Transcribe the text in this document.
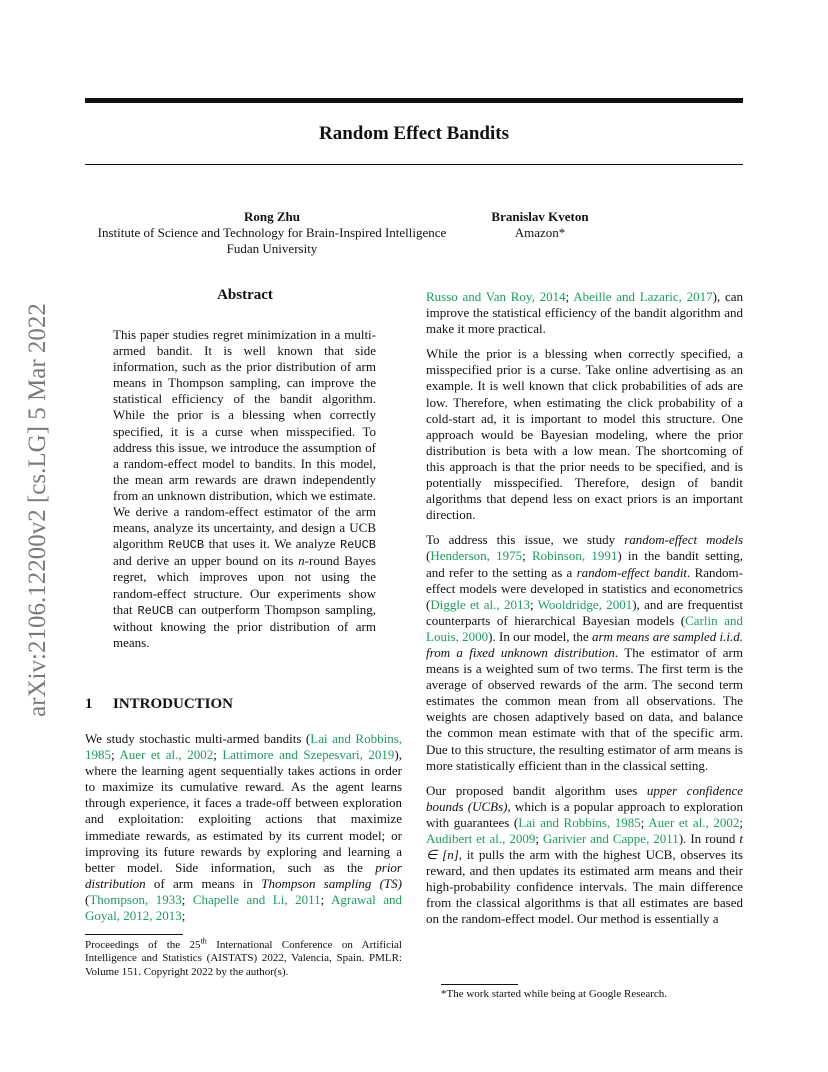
arXiv:2106.12200v2 [cs.LG] 5 Mar 2022
Random Effect Bandits
Rong Zhu
Institute of Science and Technology for Brain-Inspired Intelligence
Fudan University
Branislav Kveton
Amazon*
Abstract

This paper studies regret minimization in a multi-armed bandit. It is well known that side information, such as the prior distribution of arm means in Thompson sampling, can improve the statistical efficiency of the bandit algorithm. While the prior is a blessing when correctly specified, it is a curse when misspecified. To address this issue, we introduce the assumption of a random-effect model to bandits. In this model, the mean arm rewards are drawn independently from an unknown distribution, which we estimate. We derive a random-effect estimator of the arm means, analyze its uncertainty, and design a UCB algorithm ReUCB that uses it. We analyze ReUCB and derive an upper bound on its n-round Bayes regret, which improves upon not using the random-effect structure. Our experiments show that ReUCB can outperform Thompson sampling, without knowing the prior distribution of arm means.

1 INTRODUCTION

We study stochastic multi-armed bandits (Lai and Robbins, 1985; Auer et al., 2002; Lattimore and Szepesvari, 2019), where the learning agent sequentially takes actions in order to maximize its cumulative reward. As the agent learns through experience, it faces a trade-off between exploration and exploitation: exploiting actions that maximize immediate rewards, as estimated by its current model; or improving its future rewards by exploring and learning a better model. Side information, such as the prior distribution of arm means in Thompson sampling (TS) (Thompson, 1933; Chapelle and Li, 2011; Agrawal and Goyal, 2012, 2013;

Proceedings of the 25th International Conference on Artificial Intelligence and Statistics (AISTATS) 2022, Valencia, Spain. PMLR: Volume 151. Copyright 2022 by the author(s).

Russo and Van Roy, 2014; Abeille and Lazaric, 2017), can improve the statistical efficiency of the bandit algorithm and make it more practical.

While the prior is a blessing when correctly specified, a misspecified prior is a curse. Take online advertising as an example. It is well known that click probabilities of ads are low. Therefore, when estimating the click probability of a cold-start ad, it is important to model this structure. One approach would be Bayesian modeling, where the prior distribution is beta with a low mean. The shortcoming of this approach is that the prior needs to be specified, and is potentially misspecified. Therefore, design of bandit algorithms that depend less on exact priors is an important direction.

To address this issue, we study random-effect models (Henderson, 1975; Robinson, 1991) in the bandit setting, and refer to the setting as a random-effect bandit. Random-effect models were developed in statistics and econometrics (Diggle et al., 2013; Wooldridge, 2001), and are frequentist counterparts of hierarchical Bayesian models (Carlin and Louis, 2000). In our model, the arm means are sampled i.i.d. from a fixed unknown distribution. The estimator of arm means is a weighted sum of two terms. The first term is the average of observed rewards of the arm. The second term estimates the common mean from all observations. The weights are chosen adaptively based on data, and balance the common mean estimate with that of the specific arm. Due to this structure, the resulting estimator of arm means is more statistically efficient than in the classical setting.

Our proposed bandit algorithm uses upper confidence bounds (UCBs), which is a popular approach to exploration with guarantees (Lai and Robbins, 1985; Auer et al., 2002; Audibert et al., 2009; Garivier and Cappe, 2011). In round t ∈ [n], it pulls the arm with the highest UCB, observes its reward, and then updates its estimated arm means and their high-probability confidence intervals. The main difference from the classical algorithms is that all estimates are based on the random-effect model. Our method is essentially a

*The work started while being at Google Research.
